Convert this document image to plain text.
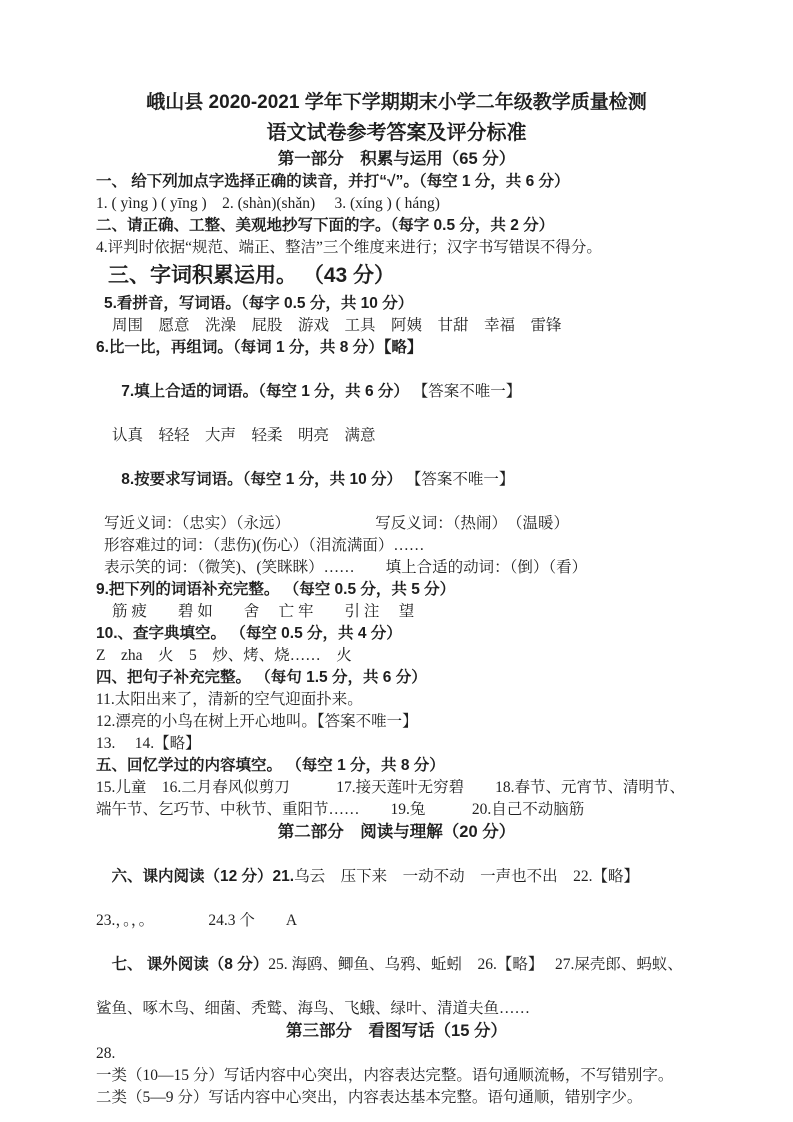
峨山县 2020-2021 学年下学期期末小学二年级教学质量检测
语文试卷参考答案及评分标准
第一部分　积累与运用（65 分）
一、 给下列加点字选择正确的读音，并打“√”。（每空 1 分，共 6 分）
1. ( yìng ) ( yīng )　2. (shàn)(shǎn)　 3. (xíng ) ( háng)
二、请正确、工整、美观地抄写下面的字。（每字 0.5 分，共 2 分）
4.评判时依据“规范、端正、整洁”三个维度来进行；汉字书写错误不得分。
三、字词积累运用。 （43 分）
5.看拼音，写词语。（每字 0.5 分，共 10 分）
周围　愿意　洗澡　屁股　游戏　工具　阿姨　甘甜　幸福　雷锋
6.比一比，再组词。（每词 1 分，共 8 分）【略】

7.填上合适的词语。（每空 1 分，共 6 分） 【答案不唯一】

认真　轻轻　大声　轻柔　明亮　满意

8.按要求写词语。（每空 1 分，共 10 分） 【答案不唯一】

写近义词：（忠实）（永远）　　　　　　写反义词：（热闹）　（温暖）
形容难过的词：（悲伤)(伤心）（泪流满面）……
表示笑的词：（微笑)、(笑眯眯）……　　填上合适的动词：（倒）（看）
9.把下列的词语补充完整。 （每空 0.5 分，共 5 分）
筋 疲　　碧 如　　舍　 亡 牢　　引 注　 望
10.、查字典填空。 （每空 0.5 分，共 4 分）
Z　zha　火　5　炒、烤、烧……　火
四、把句子补充完整。 （每句 1.5 分，共 6 分）
11.太阳出来了，清新的空气迎面扑来。
12.漂亮的小鸟在树上开心地叫。【答案不唯一】
13.　 14.【略】
五、回忆学过的内容填空。 （每空 1 分，共 8 分）
15.儿童　16.二月春风似剪刀　　　17.接天莲叶无穷碧　　18.春节、元宵节、清明节、
端午节、乞巧节、中秋节、重阳节……　　19.兔　　　20.自己不动脑筋
第二部分　阅读与理解（20 分）

六、课内阅读（12 分）21.乌云　压下来　一动不动　一声也不出　22.【略】

23.，。，。　　　　24.3 个　　A

七、 课外阅读（8 分）25. 海鸥、鲫鱼、乌鸦、蚯蚓　26.【略】　 27.屎壳郎、蚂蚁、

鲨鱼、啄木鸟、细菌、秃鹫、海鸟、飞蛾、绿叶、清道夫鱼……
第三部分　看图写话（15 分）
28.
一类（10—15 分）写话内容中心突出，内容表达完整。语句通顺流畅，不写错别字。
二类（5—9 分）写话内容中心突出，内容表达基本完整。语句通顺，错别字少。
